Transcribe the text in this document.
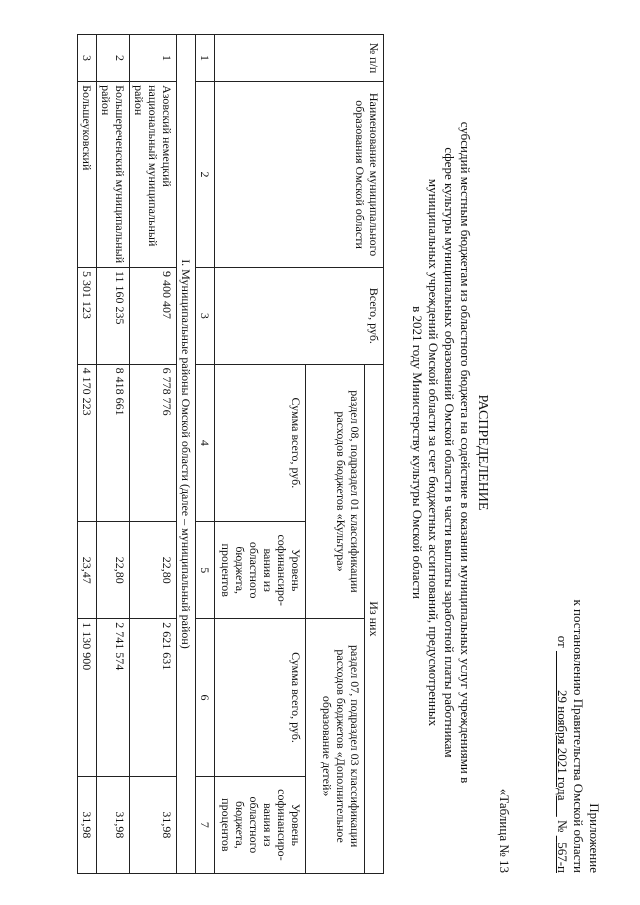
Приложение
к постановлению Правительства Омской области
от             29 ноября 2021 года      №   567-п
«Таблица № 13
РАСПРЕДЕЛЕНИЕ
субсидий местным бюджетам из областного бюджета на содействие в оказании муниципальных услуг учреждениями в
сфере культуры муниципальных образований Омской области в части выплаты заработной платы работникам
муниципальных учреждений Омской области за счет бюджетных ассигнований, предусмотренных
в 2021 году Министерству культуры Омской области
№ п/п	Наименование муниципального образования Омской области	Всего, руб.	Из них			
			раздел 08, подраздел 01 классификации расходов бюджетов «Культура»		раздел 07, подраздел 03 классификации расходов бюджетов «Дополнительное образование детей»	
			Сумма всего, руб.	Уровень софинансиро-вания из областного бюджета, процентов	Сумма всего, руб.	Уровень софинансиро-вания из областного бюджета, процентов
1	2	3	4	5	6	7
I. Муниципальные районы Омской области (далее – муниципальный район)						
1	Азовский немецкий национальный муниципальный район	9 400 407	6 778 776	22,80	2 621 631	31,98
2	Большереченский муниципальный район	11 160 235	8 418 661	22,80	2 741 574	31,98
3	Большеуковский	5 301 123	4 170 223	23,47	1 130 900	31,98
